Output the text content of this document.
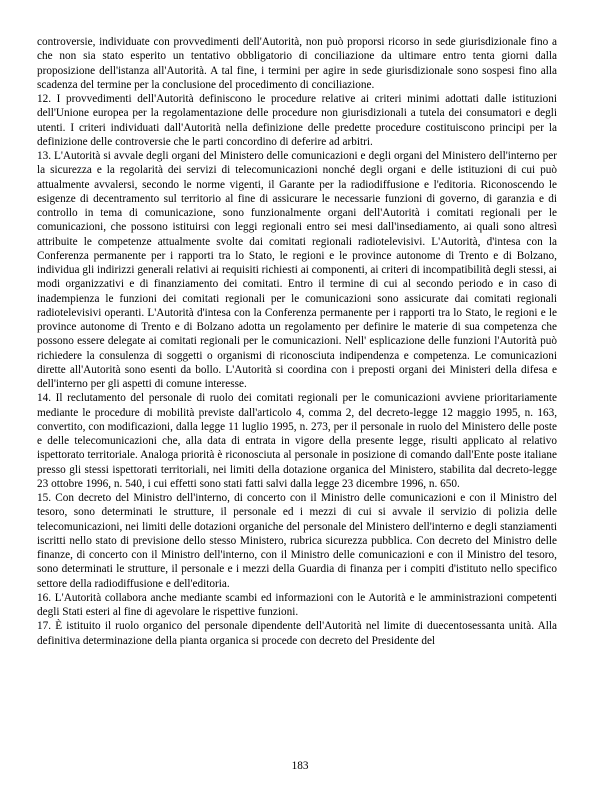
controversie, individuate con provvedimenti dell'Autorità, non può proporsi ricorso in sede giurisdizionale fino a che non sia stato esperito un tentativo obbligatorio di conciliazione da ultimare entro tenta giorni dalla proposizione dell'istanza all'Autorità. A tal fine, i termini per agire in sede giurisdizionale sono sospesi fino alla scadenza del termine per la conclusione del procedimento di conciliazione.

12. I provvedimenti dell'Autorità definiscono le procedure relative ai criteri minimi adottati dalle istituzioni dell'Unione europea per la regolamentazione delle procedure non giurisdizionali a tutela dei consumatori e degli utenti. I criteri individuati dall'Autorità nella definizione delle predette procedure costituiscono principi per la definizione delle controversie che le parti concordino di deferire ad arbitri.

13. L'Autorità si avvale degli organi del Ministero delle comunicazioni e degli organi del Ministero dell'interno per la sicurezza e la regolarità dei servizi di telecomunicazioni nonché degli organi e delle istituzioni di cui può attualmente avvalersi, secondo le norme vigenti, il Garante per la radiodiffusione e l'editoria. Riconoscendo le esigenze di decentramento sul territorio al fine di assicurare le necessarie funzioni di governo, di garanzia e di controllo in tema di comunicazione, sono funzionalmente organi dell'Autorità i comitati regionali per le comunicazioni, che possono istituirsi con leggi regionali entro sei mesi dall'insediamento, ai quali sono altresì attribuite le competenze attualmente svolte dai comitati regionali radiotelevisivi. L'Autorità, d'intesa con la Conferenza permanente per i rapporti tra lo Stato, le regioni e le province autonome di Trento e di Bolzano, individua gli indirizzi generali relativi ai requisiti richiesti ai componenti, ai criteri di incompatibilità degli stessi, ai modi organizzativi e di finanziamento dei comitati. Entro il termine di cui al secondo periodo e in caso di inadempienza le funzioni dei comitati regionali per le comunicazioni sono assicurate dai comitati regionali radiotelevisivi operanti. L'Autorità d'intesa con la Conferenza permanente per i rapporti tra lo Stato, le regioni e le province autonome di Trento e di Bolzano adotta un regolamento per definire le materie di sua competenza che possono essere delegate ai comitati regionali per le comunicazioni. Nell' esplicazione delle funzioni l'Autorità può richiedere la consulenza di soggetti o organismi di riconosciuta indipendenza e competenza. Le comunicazioni dirette all'Autorità sono esenti da bollo. L'Autorità si coordina con i preposti organi dei Ministeri della difesa e dell'interno per gli aspetti di comune interesse.

14. Il reclutamento del personale di ruolo dei comitati regionali per le comunicazioni avviene prioritariamente mediante le procedure di mobilità previste dall'articolo 4, comma 2, del decreto-legge 12 maggio 1995, n. 163, convertito, con modificazioni, dalla legge 11 luglio 1995, n. 273, per il personale in ruolo del Ministero delle poste e delle telecomunicazioni che, alla data di entrata in vigore della presente legge, risulti applicato al relativo ispettorato territoriale. Analoga priorità è riconosciuta al personale in posizione di comando dall'Ente poste italiane presso gli stessi ispettorati territoriali, nei limiti della dotazione organica del Ministero, stabilita dal decreto-legge 23 ottobre 1996, n. 540, i cui effetti sono stati fatti salvi dalla legge 23 dicembre 1996, n. 650.

15. Con decreto del Ministro dell'interno, di concerto con il Ministro delle comunicazioni e con il Ministro del tesoro, sono determinati le strutture, il personale ed i mezzi di cui si avvale il servizio di polizia delle telecomunicazioni, nei limiti delle dotazioni organiche del personale del Ministero dell'interno e degli stanziamenti iscritti nello stato di previsione dello stesso Ministero, rubrica sicurezza pubblica. Con decreto del Ministro delle finanze, di concerto con il Ministro dell'interno, con il Ministro delle comunicazioni e con il Ministro del tesoro, sono determinati le strutture, il personale e i mezzi della Guardia di finanza per i compiti d'istituto nello specifico settore della radiodiffusione e dell'editoria.

16. L'Autorità collabora anche mediante scambi ed informazioni con le Autorità e le amministrazioni competenti degli Stati esteri al fine di agevolare le rispettive funzioni.

17. È istituito il ruolo organico del personale dipendente dell'Autorità nel limite di duecentosessanta unità. Alla definitiva determinazione della pianta organica si procede con decreto del Presidente del

183
